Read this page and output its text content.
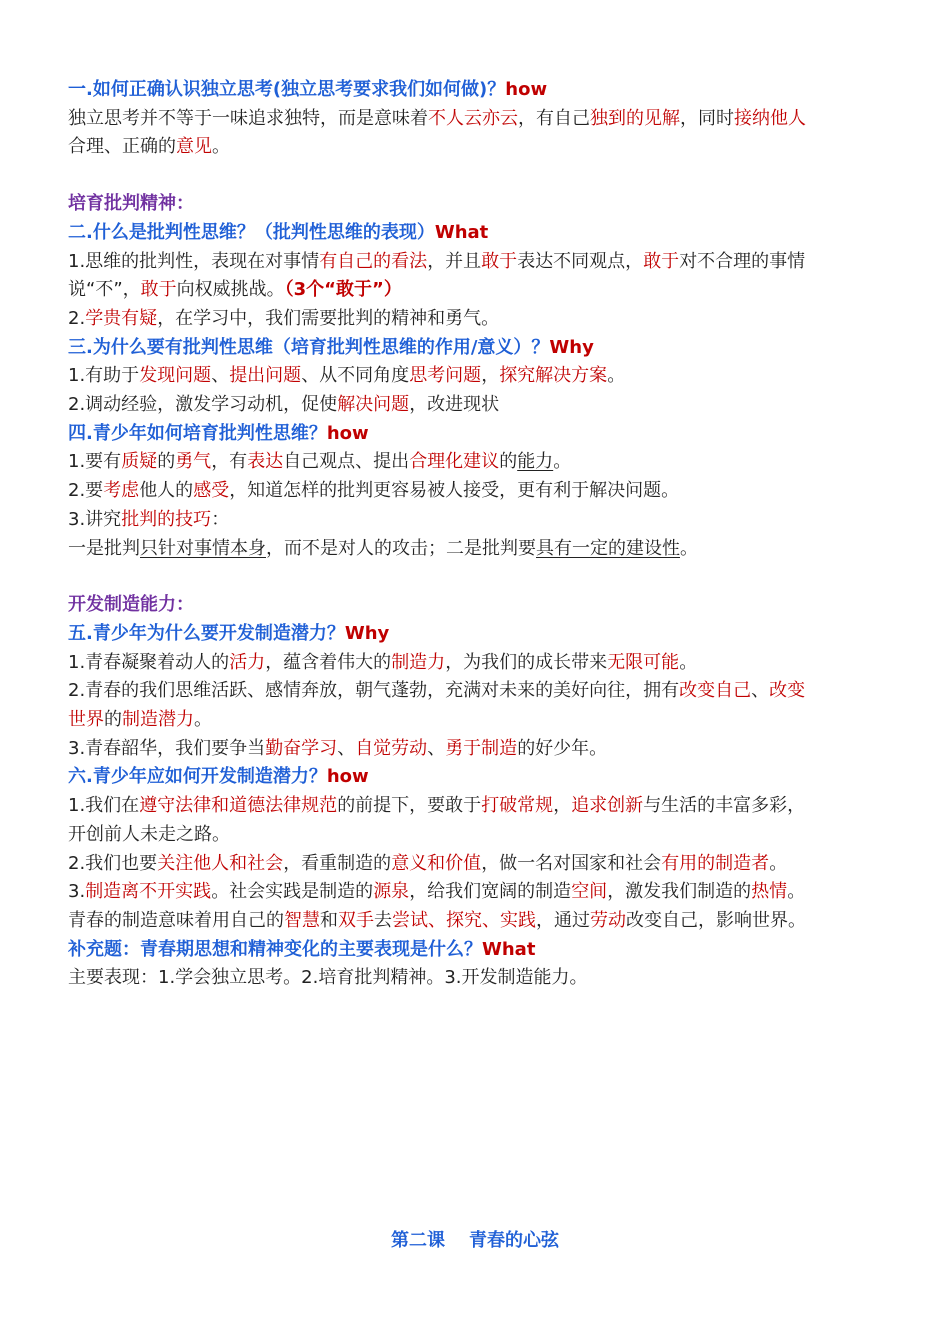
一.如何正确认识独立思考(独立思考要求我们如何做)？how
独立思考并不等于一味追求独特，而是意味着不人云亦云，有自己独到的见解，同时接纳他人
合理、正确的意见。
培育批判精神：
二.什么是批判性思维？（批判性思维的表现）What
1.思维的批判性，表现在对事情有自己的看法，并且敢于表达不同观点，敢于对不合理的事情
说“不”，敢于向权威挑战。（3个“敢于”）
2.学贵有疑，在学习中，我们需要批判的精神和勇气。
三.为什么要有批判性思维（培育批判性思维的作用/意义）？Why
1.有助于发现问题、提出问题、从不同角度思考问题，探究解决方案。
2.调动经验，激发学习动机，促使解决问题，改进现状
四.青少年如何培育批判性思维？how
1.要有质疑的勇气，有表达自己观点、提出合理化建议的能力。
2.要考虑他人的感受，知道怎样的批判更容易被人接受，更有利于解决问题。
3.讲究批判的技巧：
一是批判只针对事情本身，而不是对人的攻击；二是批判要具有一定的建设性。
开发制造能力：
五.青少年为什么要开发制造潜力？Why
1.青春凝聚着动人的活力，蕴含着伟大的制造力，为我们的成长带来无限可能。
2.青春的我们思维活跃、感情奔放，朝气蓬勃，充满对未来的美好向往，拥有改变自己、改变
世界的制造潜力。
3.青春韶华，我们要争当勤奋学习、自觉劳动、勇于制造的好少年。
六.青少年应如何开发制造潜力？how
1.我们在遵守法律和道德法律规范的前提下，要敢于打破常规，追求创新与生活的丰富多彩，
开创前人未走之路。
2.我们也要关注他人和社会，看重制造的意义和价值，做一名对国家和社会有用的制造者。
3.制造离不开实践。社会实践是制造的源泉，给我们宽阔的制造空间，激发我们制造的热情。
青春的制造意味着用自己的智慧和双手去尝试、探究、实践，通过劳动改变自己，影响世界。
补充题：青春期思想和精神变化的主要表现是什么？What
主要表现：1.学会独立思考。2.培育批判精神。3.开发制造能力。
第二课 青春的心弦
